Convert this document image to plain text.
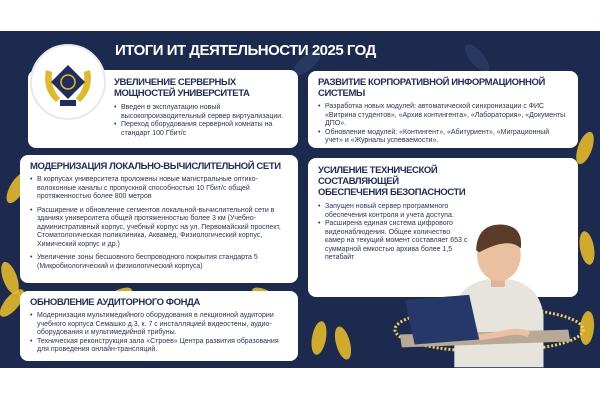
ИТОГИ ИТ ДЕЯТЕЛЬНОСТИ 2025 ГОД
УВЕЛИЧЕНИЕ СЕРВЕРНЫХ
МОЩНОСТЕЙ УНИВЕРСИТЕТА
• Введен в эксплуатацию новый высокопроизводительный сервер виртуализации.
• Переход оборудования серверной комнаты на стандарт 100 Гбит/с
РАЗВИТИЕ КОРПОРАТИВНОЙ ИНФОРМАЦИОННОЙ СИСТЕМЫ
• Разработка новых модулей: автоматической синхронизации с ФИС «Витрина студентов», «Архив контингента», «Лаборатория», «Документы ДПО».
• Обновление модулей: «Контингент», «Абитуриент», «Миграционный учет» и «Журналы успеваемости».
МОДЕРНИЗАЦИЯ ЛОКАЛЬНО-ВЫЧИСЛИТЕЛЬНОЙ СЕТИ
• В корпусах университета проложены новые магистральные оптико-волоконные каналы с пропускной способностью 10 Гбит/с общей протяженностью более 800 метров
• Расширение и обновление сегментов локальной-вычислительной сети в зданиях университета общей протяженностью более 3 км (Учебно-административный корпус, учебный корпус на ул. Первомайский проспект, Стоматологическая поликлиника, Аквамед, Физиологический корпус, Химический корпус и др.)
• Увеличение зоны бесшовного беспроводного покрытия стандарта 5 (Микробиологический и физиологический корпуса)
ОБНОВЛЕНИЕ АУДИТОРНОГО ФОНДА
• Модернизация мультимедийного оборудования в лекционной аудитории учебного корпуса Семашко д.3, к. 7 с инсталляцией видеостены, аудио- оборудования и мультимедийной трибуны.
• Техническая реконструкция зала «Строев» Центра развития образования для проведения онлайн-трансляций.
УСИЛЕНИЕ ТЕХНИЧЕСКОЙ
СОСТАВЛЯЮЩЕЙ
ОБЕСПЕЧЕНИЯ БЕЗОПАСНОСТИ
• Запущен новый сервер программного обеспечения контроля и учета доступа.
• Расширена единая система цифрового видеонаблюдения. Общее количество камер на текущий момент составляет 653 с суммарной емкостью архива более 1,5 петабайт
